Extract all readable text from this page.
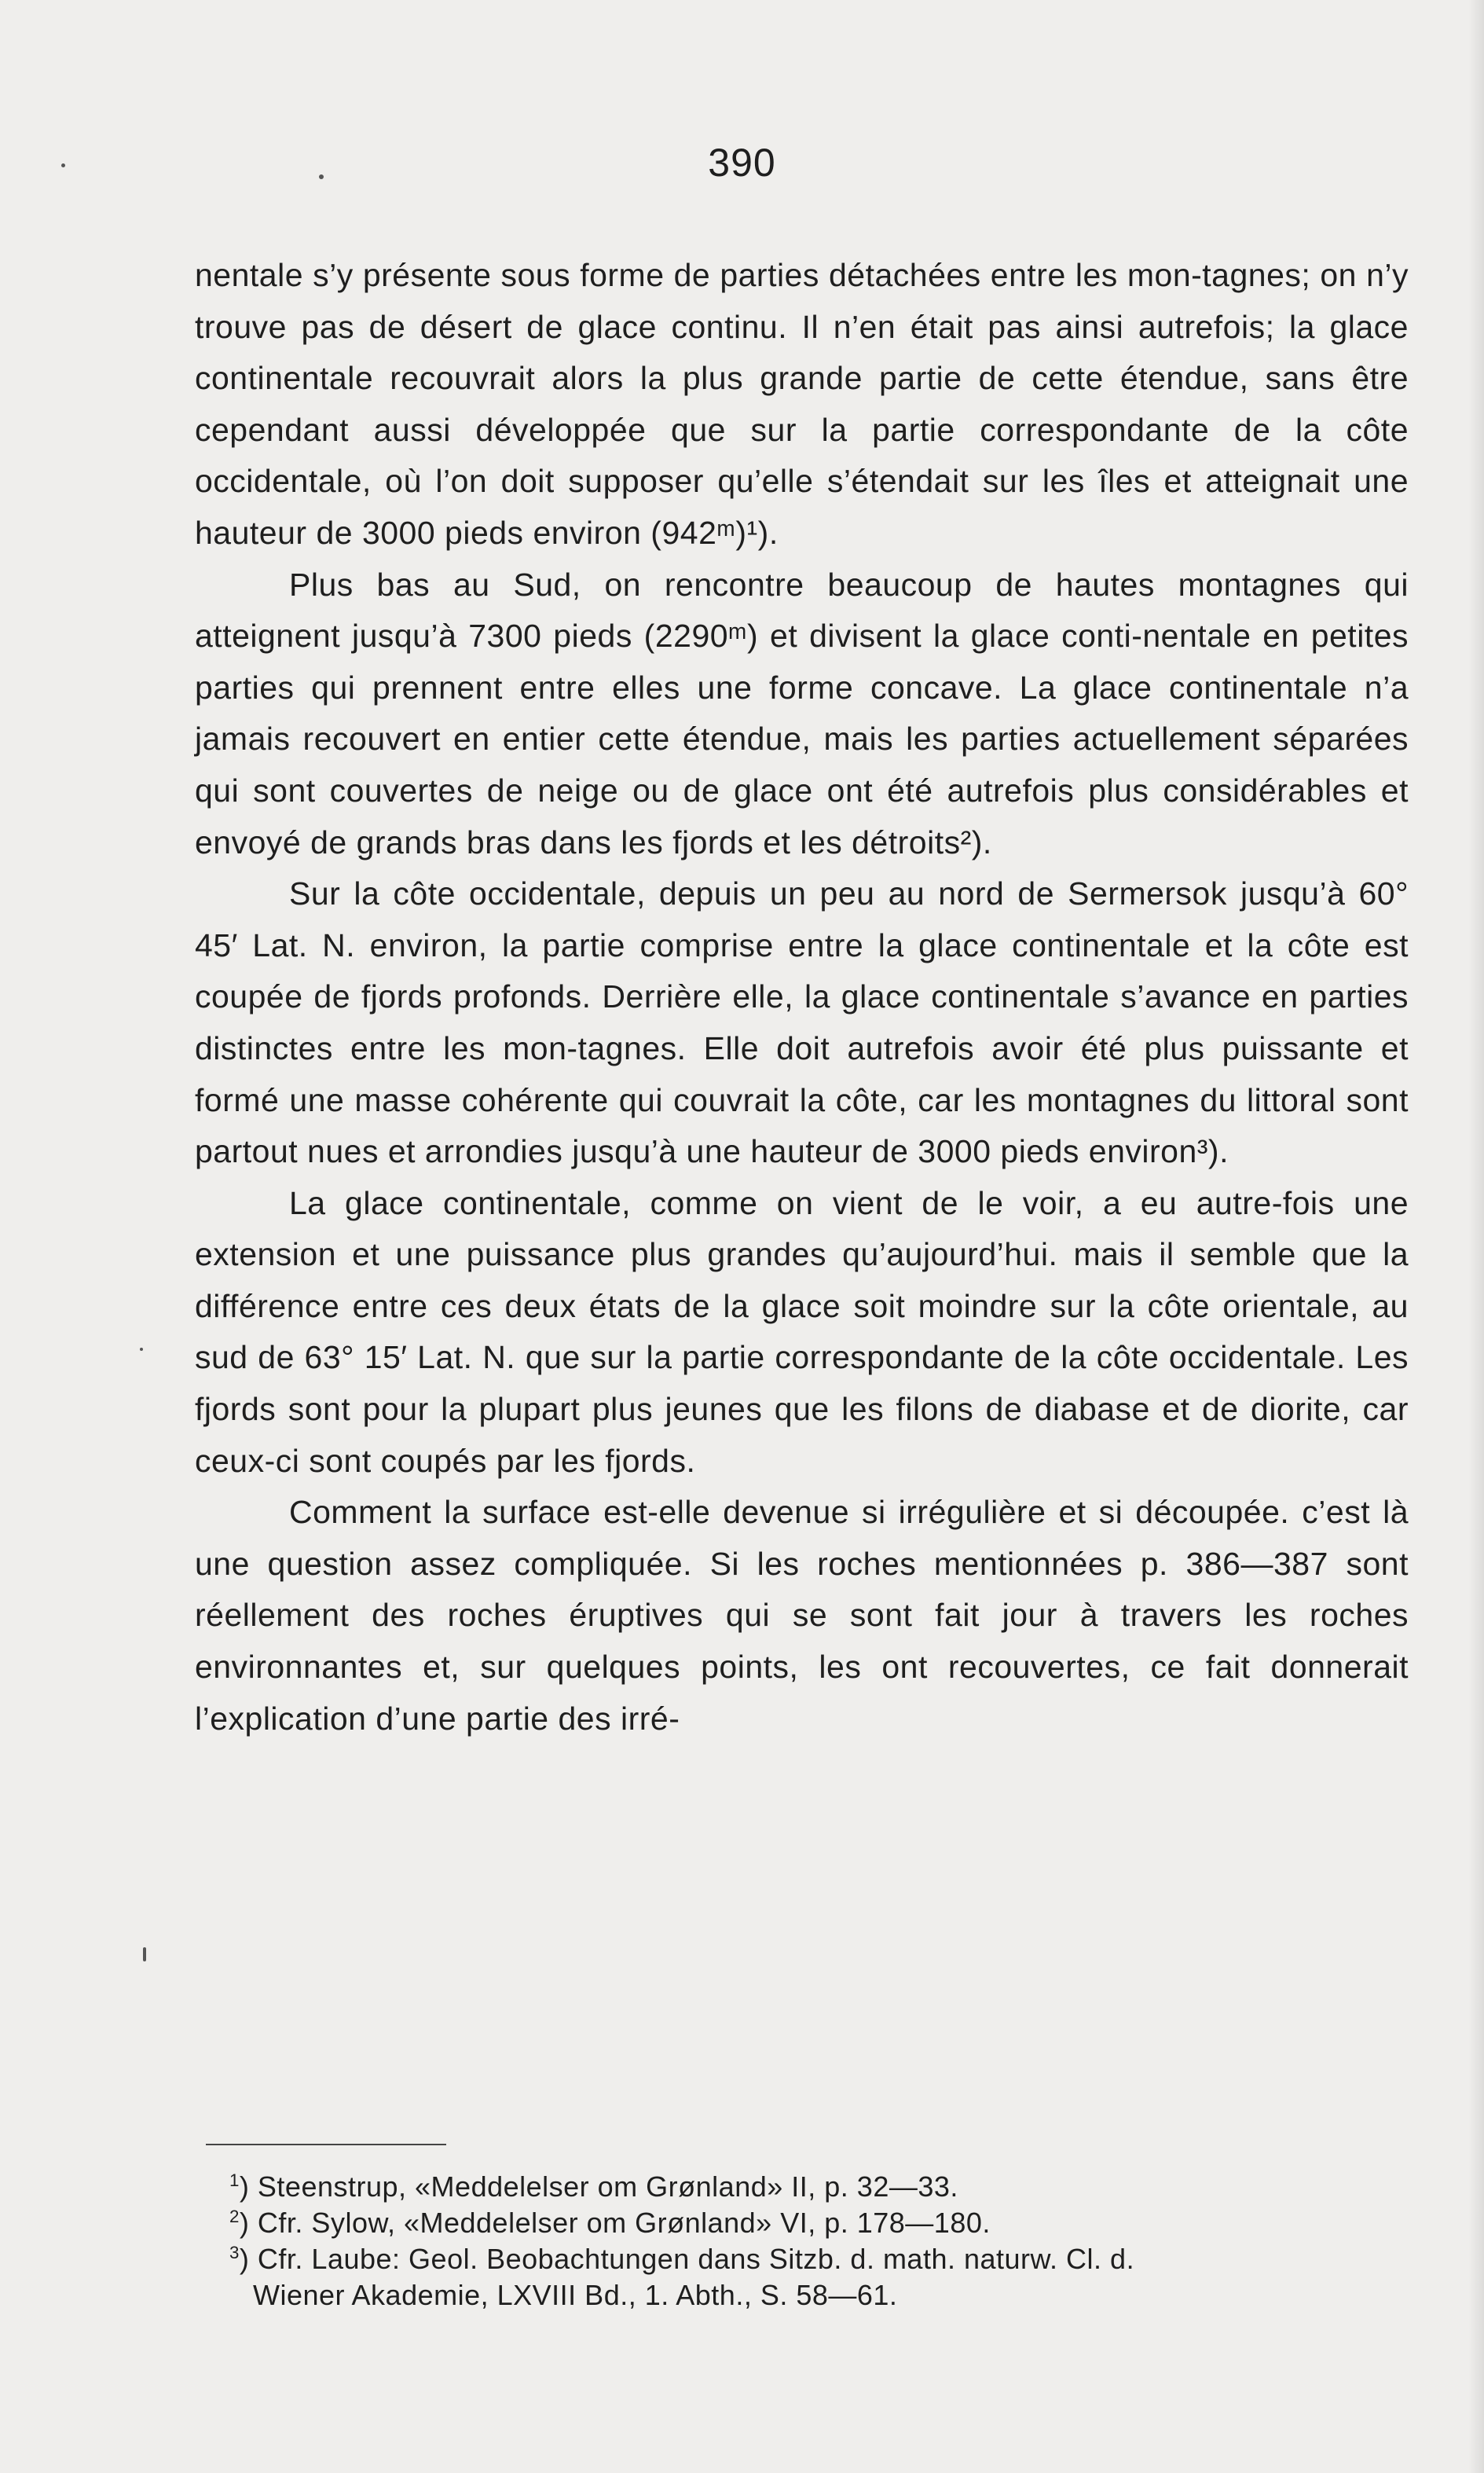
390

nentale s’y présente sous forme de parties détachées entre les mon-tagnes; on n’y trouve pas de désert de glace continu. Il n’en était pas ainsi autrefois; la glace continentale recouvrait alors la plus grande partie de cette étendue, sans être cependant aussi développée que sur la partie correspondante de la côte occidentale, où l’on doit supposer qu’elle s’étendait sur les îles et atteignait une hauteur de 3000 pieds environ (942ᵐ)¹).

Plus bas au Sud, on rencontre beaucoup de hautes montagnes qui atteignent jusqu’à 7300 pieds (2290ᵐ) et divisent la glace conti-nentale en petites parties qui prennent entre elles une forme concave. La glace continentale n’a jamais recouvert en entier cette étendue, mais les parties actuellement séparées qui sont couvertes de neige ou de glace ont été autrefois plus considérables et envoyé de grands bras dans les fjords et les détroits²).

Sur la côte occidentale, depuis un peu au nord de Sermersok jusqu’à 60° 45′ Lat. N. environ, la partie comprise entre la glace continentale et la côte est coupée de fjords profonds. Derrière elle, la glace continentale s’avance en parties distinctes entre les mon-tagnes. Elle doit autrefois avoir été plus puissante et formé une masse cohérente qui couvrait la côte, car les montagnes du littoral sont partout nues et arrondies jusqu’à une hauteur de 3000 pieds environ³).

La glace continentale, comme on vient de le voir, a eu autre-fois une extension et une puissance plus grandes qu’aujourd’hui. mais il semble que la différence entre ces deux états de la glace soit moindre sur la côte orientale, au sud de 63° 15′ Lat. N. que sur la partie correspondante de la côte occidentale. Les fjords sont pour la plupart plus jeunes que les filons de diabase et de diorite, car ceux-ci sont coupés par les fjords.

Comment la surface est-elle devenue si irrégulière et si découpée. c’est là une question assez compliquée. Si les roches mentionnées p. 386—387 sont réellement des roches éruptives qui se sont fait jour à travers les roches environnantes et, sur quelques points, les ont recouvertes, ce fait donnerait l’explication d’une partie des irré-

$^1$) Steenstrup, «Meddelelser om Grønland» II, p. 32—33.

$^2$) Cfr. Sylow, «Meddelelser om Grønland» VI, p. 178—180.

$^3$) Cfr. Laube: Geol. Beobachtungen dans Sitzb. d. math. naturw. Cl. d.
Wiener Akademie, LXVIII Bd., 1. Abth., S. 58—61.
